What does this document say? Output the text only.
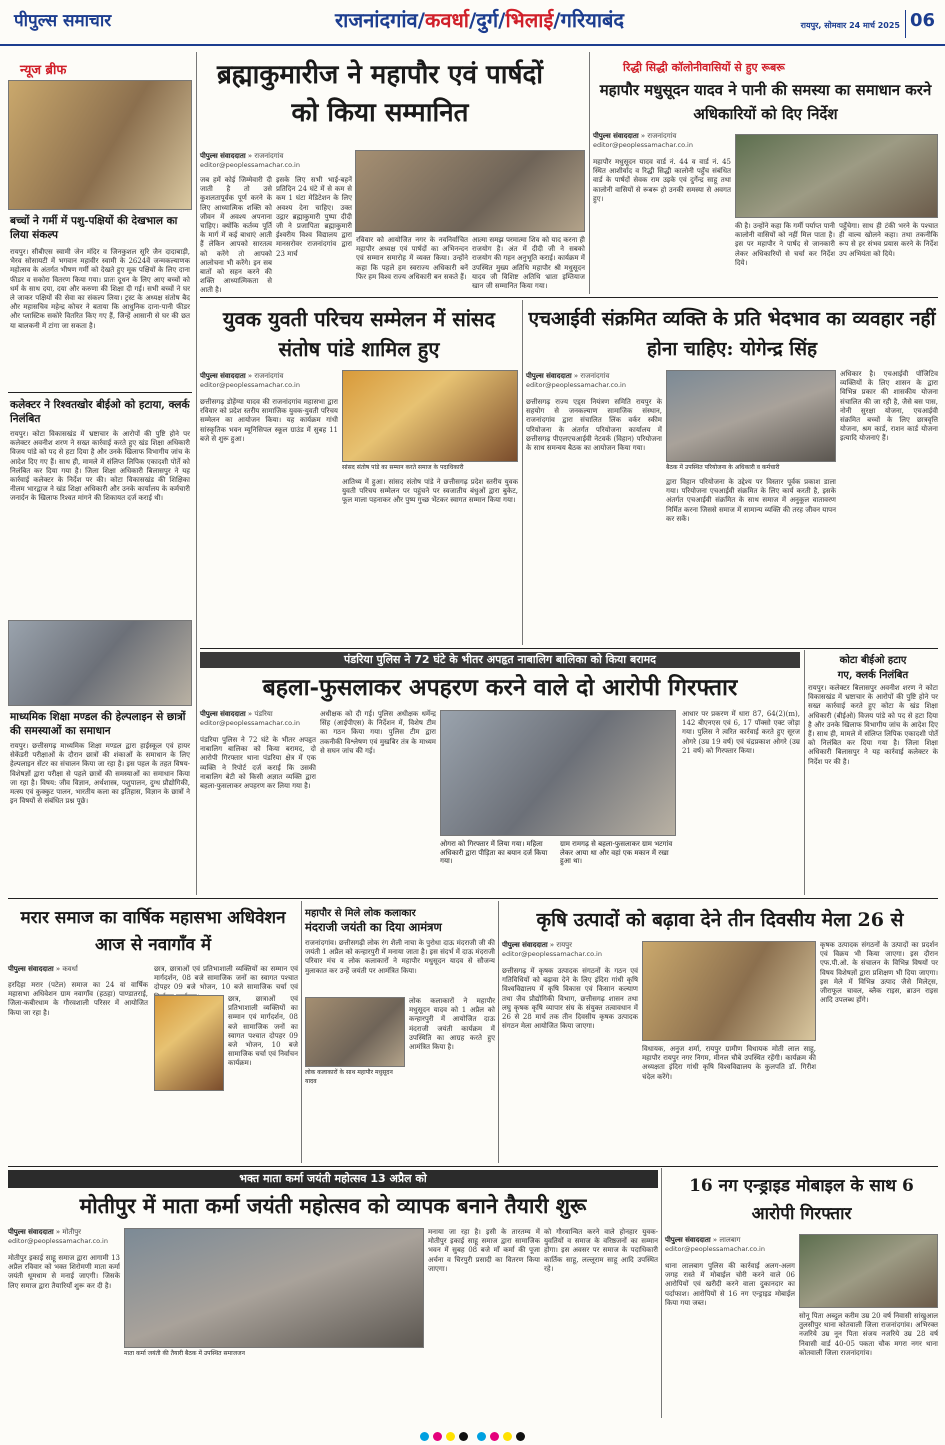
पीपुल्स समाचार	राजनांदगांव/कवर्धा/दुर्ग/भिलाई/गरियाबंद	रायपुर, सोमवार 24 मार्च 2025 06
न्यूज ब्रीफ
बच्चों ने गर्मी में पशु-पक्षियों की देखभाल का लिया संकल्प
रायपुर। सीबीएस स्वामी जेन मंदिर व जिनकुशल सूरि जैन दादाबाड़ी, भैरव सोसायटी में भगवान महावीर स्वामी के 2624वें जन्मकल्याणक महोत्सव के अंतर्गत भीषण गर्मी को देखते हुए मूक पक्षियों के लिए दाना फीडर व सकोरा वितरण किया गया। प्रातः दूधन के लिए आए बच्चों को धर्म के साथ दया, दया और करुणा की शिक्षा दी गई। सभी बच्चों ने घर ले जाकर पक्षियों की सेवा का संकल्प लिया। ट्रस्ट के अध्यक्ष संतोष बैद और महासचिव महेन्द्र कोचर ने बताया कि आधुनिक दाना-पानी फीडर और प्लास्टिक सकोरे वितरित किए गए हैं, जिन्हें आसानी से घर की छत या बालकनी में टांगा जा सकता है।
कलेक्टर ने रिश्वतखोर बीईओ को हटाया, क्लर्क निलंबित
रायपुर। कोटा विकासखंड में भ्रष्टाचार के आरोपों की पुष्टि होने पर कलेक्टर अवनीश शरण ने सख्त कार्रवाई करते हुए खंड शिक्षा अधिकारी विजय पांडे को पद से हटा दिया है और उनके खिलाफ विभागीय जांच के आदेश दिए गए हैं। साथ ही, मामले में संलिप्त लिपिक एकादशी पोर्ते को निलंबित कर दिया गया है। जिला शिक्षा अधिकारी बिलासपुर ने यह कार्रवाई कलेक्टर के निर्देश पर की। कोटा विकासखंड की शिक्षिका नीलम भारद्वाज ने खंड शिक्षा अधिकारी और उनके कार्यालय के कर्मचारी जनार्दन के खिलाफ रिश्वत मांगने की शिकायत दर्ज कराई थी।
माध्यमिक शिक्षा मण्डल की हेल्पलाइन से छात्रों की समस्याओं का समाधान
रायपुर। छत्तीसगढ़ माध्यमिक शिक्षा मण्डल द्वारा हाईस्कूल एवं हायर सेकेंडरी परीक्षाओं के दौरान छात्रों की शंकाओं के समाधान के लिए हेल्पलाइन सेंटर का संचालन किया जा रहा है। इस पहल के तहत विषय-विशेषज्ञों द्वारा परीक्षा से पहले छात्रों की समस्याओं का समाधान किया जा रहा है। विषय: जीव विज्ञान, अर्थशास्त्र, पशुपालन, दुग्ध प्रौद्योगिकी, मत्स्य एवं कुक्कुट पालन, भारतीय कला का इतिहास, विज्ञान के छात्रों ने इन विषयों से संबंधित प्रश्न पूछे।
ब्रह्माकुमारीज ने महापौर एवं पार्षदों को किया सम्मानित
पीपुल्स संवाददाता » राजनांदगांव
editor@peoplessamachar.co.in
जब हमें कोई जिम्मेवारी दी जाती है तो उसे कुशलतापूर्वक पूर्ण करने के लिए आध्यात्मिक शक्ति को जीवन में अवश्य अपनाना चाहिए। क्योंकि कर्तव्य पूर्ति के मार्ग में कई बाधाएं आती हैं लेकिन आपको सारतत्व को करेंगे तो आपको आलोचना भी करेंगे। इन सब बातों को सहन करने की शक्ति आध्यात्मिकता से आती है।
इसके लिए सभी भाई-बहनें प्रतिदिन 24 घंटे में से कम से कम 1 घंटा मेडिटेशन के लिए अवश्य देना चाहिए। उक्त उद्गार ब्रह्माकुमारी पुष्पा दीदी जी ने प्रजापिता ब्रह्माकुमारी ईश्वरीय विश्व विद्यालय द्वारा मानसरोवर राजनांदगांव द्वारा 23 मार्च
रविवार को आयोजित नगर के नवनिर्वाचित महापौर अध्यक्ष एवं पार्षदों का अभिनन्दन एवं सम्मान समारोह में व्यक्त किया। उन्होंने कहा कि पहले हम स्वराज्य अधिकारी बनें फिर हम विश्व राज्य अधिकारी बन सकते हैं।
आत्मा समझ परमात्मा शिव को याद करना ही राजयोग है। अंत में दीदी जी ने सबको राजयोग की गहन अनुभूति कराई। कार्यक्रम में उपस्थित मुख्य अतिथि महापौर श्री मधुसूदन यादव जी विशिष्ट अतिथि भ्राता इम्तियाज खान जी सम्मानित किया गया।
रिद्धी सिद्धी कॉलोनीवासियों से हुए रूबरू
महापौर मधुसूदन यादव ने पानी की समस्या का समाधान करने अधिकारियों को दिए निर्देश
पीपुल्स संवाददाता » राजनांदगांव
editor@peoplessamachar.co.in
महापौर मधुसूदन यादव वार्ड नं. 44 व वार्ड नं. 45 स्थित आशीर्वाद व रिद्धी सिद्धी कालोनी पहुँच संबंधित वार्ड के पार्षदों सेवक राम उइके एवं दुर्गेन्द्र साहू तथा कालोनी वासियों से रूबरू हो उनकी समस्या से अवगत हुए।
की है। उन्होंने कहा कि गर्मी पर्याप्त पानी कालोनी वासियों को नहीं मिल पाता है। इस पर महापौर ने पार्षद से जानकारी लेकर अधिकारियों से चर्चा कर निर्देश दिये।
पहुँचेगा। साथ ही टंकी भरने के पश्चात ही वाल्व खोलने कहा। तथा तकनीकि रूप से हर संभव प्रयास करने के निर्देश उप अभियंता को दिये।
युवक युवती परिचय सम्मेलन में सांसद संतोष पांडे शामिल हुए
पीपुल्स संवाददाता » राजनांदगांव
editor@peoplessamachar.co.in
सांसद संतोष पांडे का सम्मान करते समाज के पदाधिकारी
छत्तीसगढ़ डोहेंग्या यादव की राजनांदगांव महासभा द्वारा रविवार को प्रदेश स्तरीय सामाजिक युवक-युवती परिचय सम्मेलन का आयोजन किया। यह कार्यक्रम गांधी सांस्कृतिक भवन म्यूनिसिपल स्कूल ग्राउंड में सुबह 11 बजे से शुरू हुआ।
आतिथ्य में हुआ। सांसद संतोष पांडे ने छत्तीसगढ़ प्रदेश स्तरीय युवक युवती परिचय सम्मेलन पर पहुंचने पर स्वजातीय बंधुओं द्वारा बुकेट, फूल माला पहनाकर और पुष्प गुच्छ भेंटकर स्वागत सम्मान किया गया।
एचआईवी संक्रमित व्यक्ति के प्रति भेदभाव का व्यवहार नहीं होना चाहिए: योगेन्द्र सिंह
पीपुल्स संवाददाता » राजनांदगांव
editor@peoplessamachar.co.in
बैठक में उपस्थित परियोजना के अधिकारी व कर्मचारी
छत्तीसगढ़ राज्य एड्स नियंत्रण समिति रायपुर के सहयोग से जनकल्याण सामाजिक संस्थान, राजनांदगांव द्वारा संचालित लिंक वर्कर स्कीम परियोजना के अंतर्गत परियोजना कार्यालय में छत्तीसगढ़ पीएलएचआईवी नेटवर्क (विहान) परियोजना के साथ समन्वय बैठक का आयोजन किया गया।
द्वारा विहान परियोजना के उद्देश्य पर विस्तार पूर्वक प्रकाश डाला गया। परियोजना एचआईवी संक्रमित के लिए कार्य करती है, इसके अंतर्गत एचआईवी संक्रमित के साथ समाज में अनुकूल वातावरण निर्मित करना जिससे समाज में सामान्य व्यक्ति की तरह जीवन यापन कर सकें।
अधिकार है। एचआईवी पॉजिटिव व्यक्तियों के लिए शासन के द्वारा विभिन्न प्रकार की शासकीय योजना संचालित की जा रही है, जैसे बस पास, नोनी सुरक्षा योजना, एचआईवी संक्रमित बच्चों के लिए छात्रवृत्ति योजना, श्रम कार्ड, राशन कार्ड योजना इत्यादि योजनाएं हैं।
पंडरिया पुलिस ने 72 घंटे के भीतर अपहृत नाबालिग बालिका को किया बरामद
बहला-फुसलाकर अपहरण करने वाले दो आरोपी गिरफ्तार
पीपुल्स संवाददाता » पंडरिया
editor@peoplessamachar.co.in
पंडरिया पुलिस ने 72 घंटे के भीतर अपहृत नाबालिग बालिका को किया बरामद, दो आरोपी गिरफ्तार थाना पंडरिया क्षेत्र में एक व्यक्ति ने रिपोर्ट दर्ज कराई कि उसकी नाबालिग बेटी को किसी अज्ञात व्यक्ति द्वारा बहला-फुसलाकर अपहरण कर लिया गया है।
अधीक्षक को दी गई। पुलिस अधीक्षक धर्मेन्द्र सिंह (आईपीएस) के निर्देशन में, विशेष टीम का गठन किया गया। पुलिस टीम द्वारा तकनीकी विश्लेषण एवं मुखबिर तंत्र के माध्यम से सघन जांच की गई।
ओगरा को गिरफ्तार में लिया गया। महिला अधिकारी द्वारा पीड़िता का बयान दर्ज किया गया।
ग्राम रामगढ़ से बहला-फुसलाकर ग्राम भटगांव लेकर आया था और वहां एक मकान में रखा हुआ था।
आधार पर प्रकरण में धारा 87, 64(2)(m), 142 बीएनएस एवं 6, 17 पॉक्सो एक्ट जोड़ा गया। पुलिस ने त्वरित कार्रवाई करते हुए सूरज ओगरे (उम्र 19 वर्ष) एवं चंद्रप्रकाश ओगरे (उम्र 21 वर्ष) को गिरफ्तार किया।
कोटा बीईओ हटाए
गए, क्लर्क निलंबित
रायपुर। कलेक्टर बिलासपुर अवनीश शरण ने कोटा विकासखंड में भ्रष्टाचार के आरोपों की पुष्टि होने पर सख्त कार्रवाई करते हुए कोटा के खंड शिक्षा अधिकारी (बीईओ) विजय पांडे को पद से हटा दिया है और उनके खिलाफ विभागीय जांच के आदेश दिए हैं। साथ ही, मामले में संलिप्त लिपिक एकादशी पोर्ते को निलंबित कर दिया गया है। जिला शिक्षा अधिकारी बिलासपुर ने यह कार्रवाई कलेक्टर के निर्देश पर की है।
मरार समाज का वार्षिक महासभा अधिवेशन आज से नवागाँव में
पीपुल्स संवाददाता » कवर्धा
हरदिहा मरार (पटेल) समाज का 24 वां वार्षिक महासभा अधिवेशन ग्राम नवागाँव (हठहा) पाण्डातराई, जिला-कबीरधाम के गौरवशाली परिसर में आयोजित किया जा रहा है।
छात्र, छात्राओं एवं प्रतिभाशाली व्यक्तियों का सम्मान एवं मार्गदर्शन, 08 बजे सामाजिक जनों का स्वागत पश्चात दोपहर 09 बजे भोजन, 10 बजे सामाजिक चर्चा एवं
छात्र, छात्राओं एवं प्रतिभाशाली व्यक्तियों का सम्मान एवं मार्गदर्शन, 08 बजे सामाजिक जनों का स्वागत पश्चात दोपहर 09 बजे भोजन, 10 बजे सामाजिक चर्चा एवं निर्वाचन कार्यक्रम।
महापौर से मिले लोक कलाकार
मंदराजी जयंती का दिया आमंत्रण
राजनांदगांव। छत्तीसगढ़ी लोक रंग शैली नाचा के पुरोधा दाऊ मंदराजी जी की जयंती 1 अप्रैल को कन्हारपुरी में मनाया जाता है। इस संदर्भ में दाऊ मंदराजी परिवार मंच व लोक कलाकारों ने महापौर मधुसूदन यादव से सौजन्य मुलाकात कर उन्हें जयंती पर आमंत्रित किया।
लोक कलाकारों के साथ महापौर मधुसूदन यादव
लोक कलाकारों ने महापौर मधुसूदन यादव को 1 अप्रैल को कन्हारपुरी में आयोजित दाऊ मंदराजी जयंती कार्यक्रम में उपस्थिति का आग्रह करते हुए आमंत्रित किया है।
कृषि उत्पादों को बढ़ावा देने तीन दिवसीय मेला 26 से
पीपुल्स संवाददाता » रायपुर
editor@peoplessamachar.co.in
छत्तीसगढ़ में कृषक उत्पादक संगठनों के गठन एवं गतिविधियों को बढ़ावा देने के लिए इंदिरा गांधी कृषि विश्वविद्यालय में कृषि विकास एवं किसान कल्याण तथा जैव प्रौद्योगिकी विभाग, छत्तीसगढ़ शासन तथा लघु कृषक कृषि व्यापार संघ के संयुक्त तत्वावधान में 26 से 28 मार्च तक तीन दिवसीय कृषक उत्पादक संगठन मेला आयोजित किया जाएगा।
विधायक, अनुज शर्मा, रायपुर ग्रामीण विधायक मोती लाल साहू, महापौर रायपुर नगर निगम, मीनल चौबे उपस्थित रहेंगी। कार्यक्रम की अध्यक्षता इंदिरा गांधी कृषि विश्वविद्यालय के कुलपति डॉ. गिरीश चंदेल करेंगे।
कृषक उत्पादक संगठनों के उत्पादों का प्रदर्शन एवं विक्रय भी किया जाएगा। इस दौरान एफ.पी.ओ. के संचालन के विभिन्न विषयों पर विषय विशेषज्ञों द्वारा प्रशिक्षण भी दिया जाएगा। इस मेले में विभिन्न उत्पाद जैसे मिलेट्स, जीराफूल चावल, ब्लैक राइस, ब्राउन राइस आदि उपलब्ध होंगे।
भक्त माता कर्मा जयंती महोत्सव 13 अप्रैल को
मोतीपुर में माता कर्मा जयंती महोत्सव को व्यापक बनाने तैयारी शुरू
पीपुल्स संवाददाता » मोतीपुर
editor@peoplessamachar.co.in
मोतीपुर इकाई साहू समाज द्वारा आगामी 13 अप्रैल रविवार को भक्त शिरोमणी माता कर्मा जयंती धूमधाम से मनाई जाएगी। जिसके लिए समाज द्वारा तैयारियाँ शुरू कर दी है।
माता कर्मा जयंती की तैयारी बैठक में उपस्थित समाजजन
मनाया जा रहा है। इसी के तारतम्य में मोतीपुर इकाई साहू समाज द्वारा सामाजिक भवन में सुबह 08 बजे माँ कर्मा की पूजा अर्चना व चिरपुरी प्रसादी का वितरण किया जाएगा।
को गौरवान्वित करने वाले होनहार युवक-युवतियों व समाज के वरिष्ठजनों का सम्मान होगा। इस अवसर पर समाज के पदाधिकारी कार्तिक साहू, लल्लूराम साहू आदि उपस्थित रहे।
16 नग एन्ड्राइड मोबाइल के साथ 6 आरोपी गिरफ्तार
पीपुल्स संवाददाता » लालबाग
editor@peoplessamachar.co.in
थाना लालबाग पुलिस की कार्रवाई अलग-अलग जगह रास्ते में मोबाईल चोरी करने वाले 06 आरोपियों एवं खरीदी करने वाला दुकानदार का पर्दाफाश। आरोपियों से 16 नग एन्ड्राइड मोबाईल किया गया जब्त।
सोनू पिता अब्दुल करीम उम्र 20 वर्ष निवासी सांखुआल तुलसीपुर थाना कोतवाली जिला राजनांदगांव। अभिरक्त नजरिये उम्र नून पिता संजय नजरिये उम्र 28 वर्ष निवासी वार्ड 40-05 पकता चौक मगरा नगर थाना कोतवाली जिला राजनांदगांव।
